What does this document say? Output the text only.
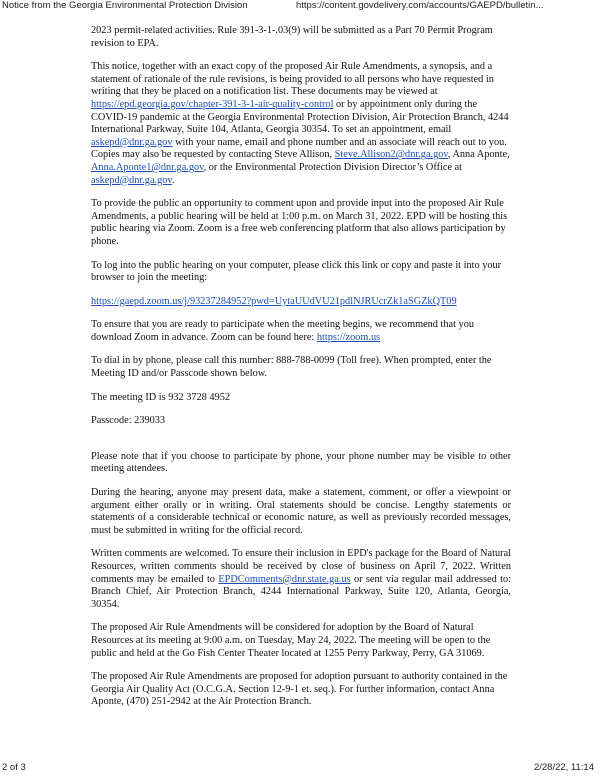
Notice from the Georgia Environmental Protection Division	https://content.govdelivery.com/accounts/GAEPD/bulletin...

2023 permit-related activities. Rule 391-3-1-.03(9) will be submitted as a Part 70 Permit Program revision to EPA.

This notice, together with an exact copy of the proposed Air Rule Amendments, a synopsis, and a statement of rationale of the rule revisions, is being provided to all persons who have requested in writing that they be placed on a notification list. These documents may be viewed at https://epd.georgia.gov/chapter-391-3-1-air-quality-control or by appointment only during the COVID-19 pandemic at the Georgia Environmental Protection Division, Air Protection Branch, 4244 International Parkway, Suite 104, Atlanta, Georgia 30354. To set an appointment, email askepd@dnr.ga.gov with your name, email and phone number and an associate will reach out to you. Copies may also be requested by contacting Steve Allison, Steve.Allison2@dnr.ga.gov, Anna Aponte, Anna.Aponte1@dnr.ga.gov, or the Environmental Protection Division Director’s Office at askepd@dnr.ga.gov.

To provide the public an opportunity to comment upon and provide input into the proposed Air Rule Amendments, a public hearing will be held at 1:00 p.m. on March 31, 2022. EPD will be hosting this public hearing via Zoom. Zoom is a free web conferencing platform that also allows participation by phone.

To log into the public hearing on your computer, please click this link or copy and paste it into your browser to join the meeting:

https://gaepd.zoom.us/j/93237284952?pwd=UytaUUdVU21pdlNJRUcrZk1aSGZkQT09

To ensure that you are ready to participate when the meeting begins, we recommend that you download Zoom in advance. Zoom can be found here: https://zoom.us

To dial in by phone, please call this number: 888-788-0099 (Toll free). When prompted, enter the Meeting ID and/or Passcode shown below.

The meeting ID is 932 3728 4952

Passcode: 239033

Please note that if you choose to participate by phone, your phone number may be visible to other meeting attendees.

During the hearing, anyone may present data, make a statement, comment, or offer a viewpoint or argument either orally or in writing. Oral statements should be concise. Lengthy statements or statements of a considerable technical or economic nature, as well as previously recorded messages, must be submitted in writing for the official record.

Written comments are welcomed. To ensure their inclusion in EPD's package for the Board of Natural Resources, written comments should be received by close of business on April 7, 2022. Written comments may be emailed to EPDComments@dnr.state.ga.us or sent via regular mail addressed to: Branch Chief, Air Protection Branch, 4244 International Parkway, Suite 120, Atlanta, Georgia, 30354.

The proposed Air Rule Amendments will be considered for adoption by the Board of Natural Resources at its meeting at 9:00 a.m. on Tuesday, May 24, 2022. The meeting will be open to the public and held at the Go Fish Center Theater located at 1255 Perry Parkway, Perry, GA 31069.

The proposed Air Rule Amendments are proposed for adoption pursuant to authority contained in the Georgia Air Quality Act (O.C.G.A. Section 12-9-1 et. seq.). For further information, contact Anna Aponte, (470) 251-2942 at the Air Protection Branch.

2 of 3	2/28/22, 11:14
